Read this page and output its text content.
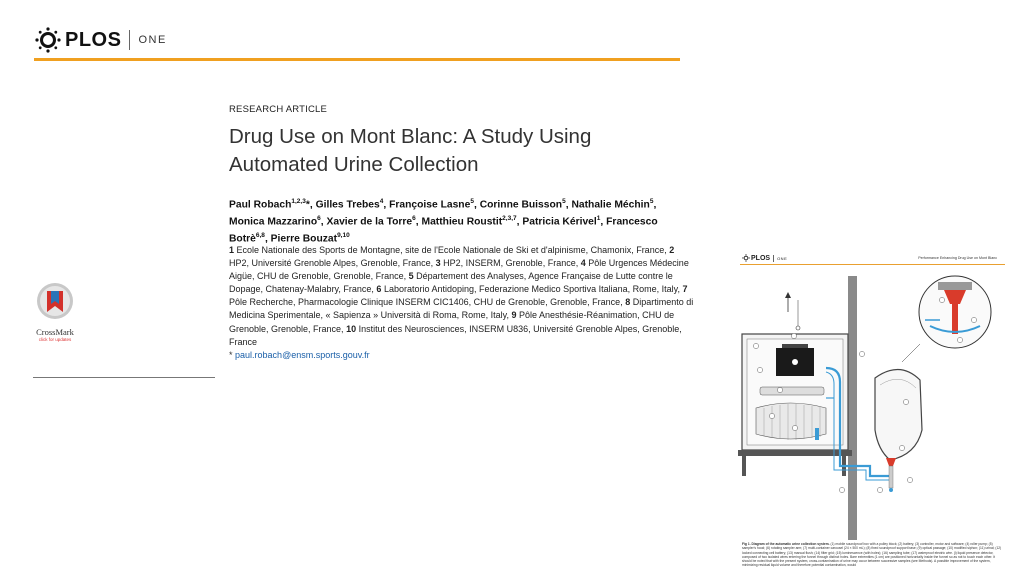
PLOS ONE
RESEARCH ARTICLE
Drug Use on Mont Blanc: A Study Using Automated Urine Collection
Paul Robach$^{1,2,3}$*, Gilles Trebes$^4$, Françoise Lasne$^5$, Corinne Buisson$^5$, Nathalie Méchin$^5$, Monica Mazzarino$^6$, Xavier de la Torre$^6$, Matthieu Roustit$^{2,3,7}$, Patricia Kérivel$^1$, Francesco Botrè$^{6,8}$, Pierre Bouzat$^{9,10}$
1 Ecole Nationale des Sports de Montagne, site de l'Ecole Nationale de Ski et d'alpinisme, Chamonix, France, 2 HP2, Université Grenoble Alpes, Grenoble, France, 3 HP2, INSERM, Grenoble, France, 4 Pôle Urgences Médecine Aigüe, CHU de Grenoble, Grenoble, France, 5 Département des Analyses, Agence Française de Lutte contre le Dopage, Chatenay-Malabry, France, 6 Laboratorio Antidoping, Federazione Medico Sportiva Italiana, Rome, Italy, 7 Pôle Recherche, Pharmacologie Clinique INSERM CIC1406, CHU de Grenoble, Grenoble, France, 8 Dipartimento di Medicina Sperimentale, « Sapienza » Università di Roma, Rome, Italy, 9 Pôle Anesthésie-Réanimation, CHU de Grenoble, Grenoble, France, 10 Institut des Neurosciences, INSERM U836, Université Grenoble Alpes, Grenoble, France
* paul.robach@ensm.sports.gouv.fr
CrossMark
click for updates
PLOS ONE	Performance Enhancing Drug Use on Mont Blanc
Fig 1. Diagram of the automatic urine collection system. (1) mobile soundproof box with a pulley block; (2) battery; (3) controller, motor and software; (4) roller pump; (5) sampler's hood; (6) rotating sampler arm; (7) multi-container carousel (24 × 500 mL); (8) fixed soundproof support base; (9) optical passage; (10) modified siphon; (11) urinal; (12) locked connecting cell battery; (13) manual flush; (14) filter grid; (15) luminescence (with holes); (16) sampling tube; (17) waterproof electric wire. (i) liquid presence detector, composed of two isolated wires entering the funnel through distinct holes. Bare extremities (1 cm) are positioned horizontally inside the funnel so as not to touch each other. It should be noted that with the present system, cross-contamination of urine may occur between successive samples (see Methods). A possible improvement of the system, minimizing residual liquid volume and therefore potential contamination, would
